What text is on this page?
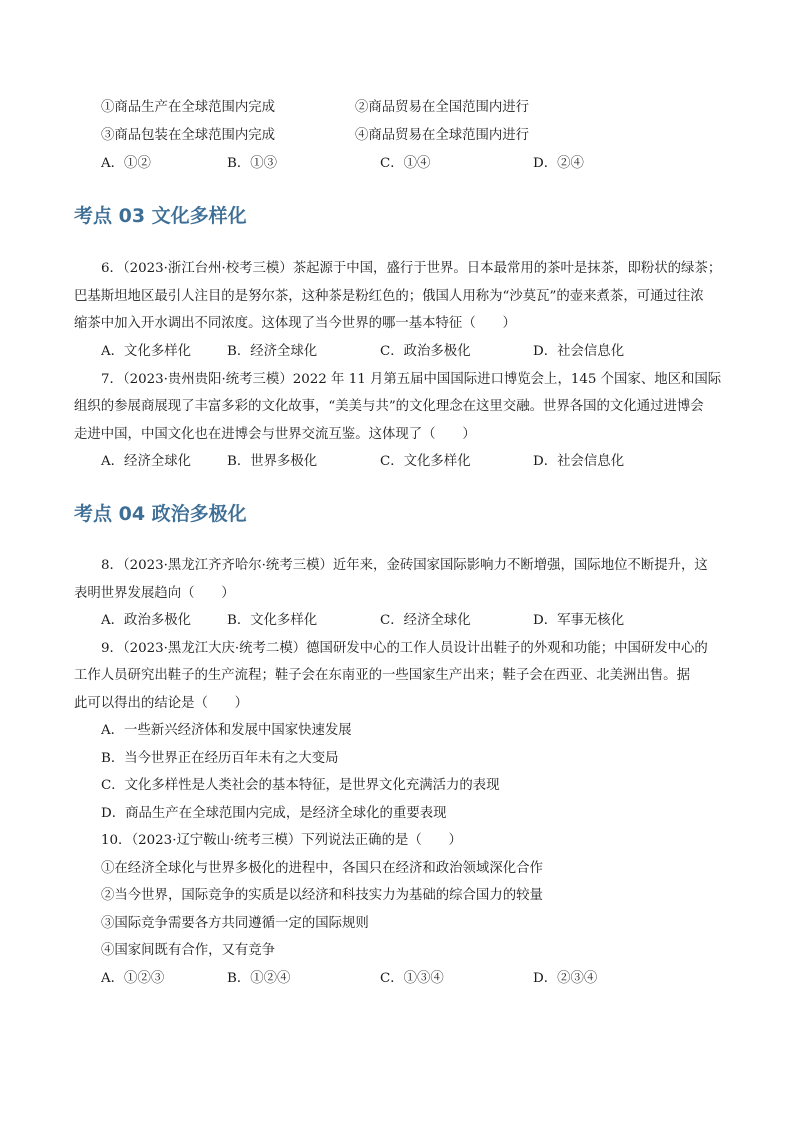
①商品生产在全球范围内完成	②商品贸易在全国范围内进行
③商品包装在全球范围内完成	④商品贸易在全球范围内进行
A．①②	B．①③	C．①④	D．②④
考点 03 文化多样化
6．（2023·浙江台州·校考三模）茶起源于中国，盛行于世界。日本最常用的茶叶是抹茶，即粉状的绿茶；
巴基斯坦地区最引人注目的是努尔茶，这种茶是粉红色的；俄国人用称为“沙莫瓦”的壶来煮茶，可通过往浓
缩茶中加入开水调出不同浓度。这体现了当今世界的哪一基本特征（　　）
A．文化多样化	B．经济全球化	C．政治多极化	D．社会信息化
7．（2023·贵州贵阳·统考三模）2022 年 11 月第五届中国国际进口博览会上，145 个国家、地区和国际
组织的参展商展现了丰富多彩的文化故事，“美美与共”的文化理念在这里交融。世界各国的文化通过进博会
走进中国，中国文化也在进博会与世界交流互鉴。这体现了（　　）
A．经济全球化	B．世界多极化	C．文化多样化	D．社会信息化
考点 04 政治多极化
8．（2023·黑龙江齐齐哈尔·统考三模）近年来，金砖国家国际影响力不断增强，国际地位不断提升，这
表明世界发展趋向（　　）
A．政治多极化	B．文化多样化	C．经济全球化	D．军事无核化
9．（2023·黑龙江大庆·统考二模）德国研发中心的工作人员设计出鞋子的外观和功能；中国研发中心的
工作人员研究出鞋子的生产流程；鞋子会在东南亚的一些国家生产出来；鞋子会在西亚、北美洲出售。据
此可以得出的结论是（　　）
A．一些新兴经济体和发展中国家快速发展
B．当今世界正在经历百年未有之大变局
C．文化多样性是人类社会的基本特征，是世界文化充满活力的表现
D．商品生产在全球范围内完成，是经济全球化的重要表现
10．（2023·辽宁鞍山·统考三模）下列说法正确的是（　　）
①在经济全球化与世界多极化的进程中，各国只在经济和政治领域深化合作
②当今世界，国际竞争的实质是以经济和科技实力为基础的综合国力的较量
③国际竞争需要各方共同遵循一定的国际规则
④国家间既有合作，又有竞争
A．①②③	B．①②④	C．①③④	D．②③④
